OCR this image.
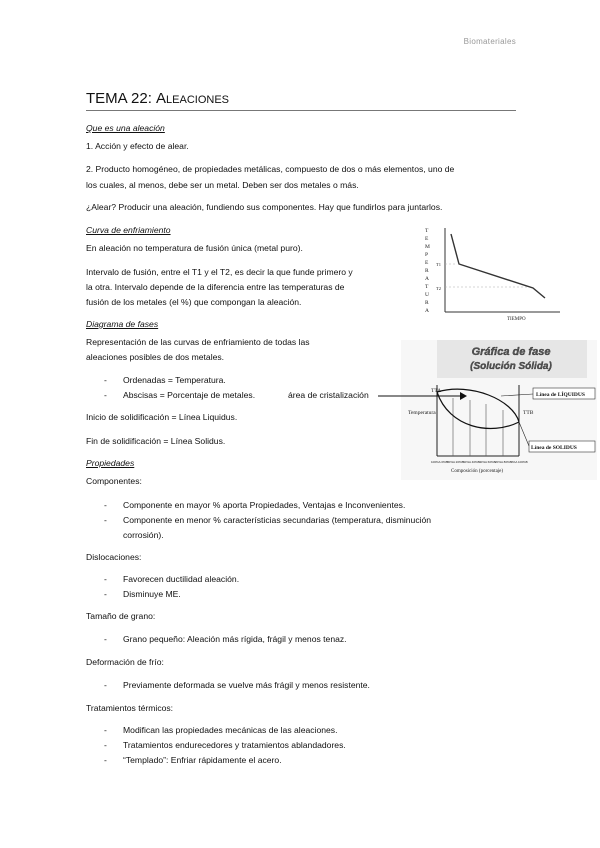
Biomateriales
TEMA 22: Aleaciones
Que es una aleación
1. Acción y efecto de alear.
2. Producto homogéneo, de propiedades metálicas, compuesto de dos o más elementos, uno de
los cuales, al menos, debe ser un metal. Deben ser dos metales o más.
¿Alear? Producir una aleación, fundiendo sus componentes. Hay que fundirlos para juntarlos.
Curva de enfriamiento
En aleación no temperatura de fusión única (metal puro).
Intervalo de fusión, entre el T1 y el T2, es decir la que funde primero y
la otra. Intervalo depende de la diferencia entre las temperaturas de
fusión de los metales (el %) que compongan la aleación.
Diagrama de fases
Representación de las curvas de enfriamiento de todas las
aleaciones posibles de dos metales.
- Ordenadas = Temperatura.
- Abscisas = Porcentaje de metales.	área de cristalización
Inicio de solidificación = Línea Liquidus.
Fin de solidificación = Línea Solidus.
Propiedades
Componentes:
- Componente en mayor % aporta Propiedades, Ventajas e Inconvenientes.
- Componente en menor % característicias secundarias (temperatura, disminución
corrosión).
Dislocaciones:
- Favorecen ductilidad aleación.
- Disminuye ME.
Tamaño de grano:
- Grano pequeño: Aleación más rígida, frágil y menos tenaz.
Deformación de frío:
- Previamente deformada se vuelve más frágil y menos resistente.
Tratamientos térmicos:
- Modifican las propiedades mecánicas de las aleaciones.
- Tratamientos endurecedores y tratamientos ablandadores.
- “Templado”: Enfriar rápidamente el acero.
T
E
M
P
E
R
A
T
U
R
A
T1
T2
TIEMPO
Gráfica de fase
(Solución Sólida)
TTA
Temperatura	TTB
Línea de LÍQUIDUS
Línea de SOLIDUS
100%A 0%B 80%A 20%B 60%A 40%B 40%A 60%B 20%A 80%B 0%A 100%B
Composición (porcentaje)
